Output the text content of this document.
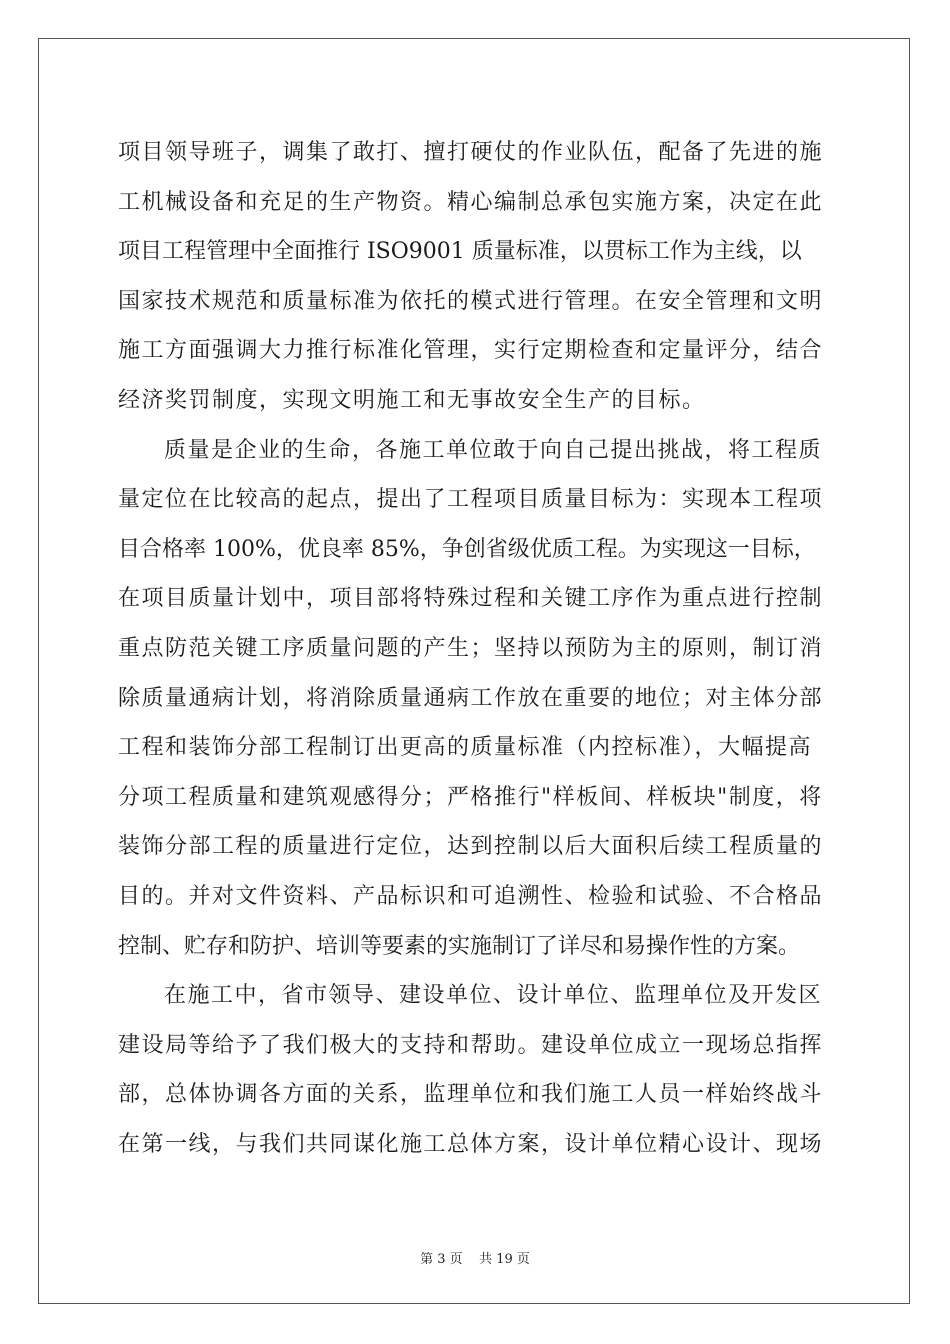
项目领导班子，调集了敢打、擅打硬仗的作业队伍，配备了先进的施
工机械设备和充足的生产物资。精心编制总承包实施方案，决定在此
项目工程管理中全面推行 ISO9001 质量标准，以贯标工作为主线，以
国家技术规范和质量标准为依托的模式进行管理。在安全管理和文明
施工方面强调大力推行标准化管理，实行定期检查和定量评分，结合
经济奖罚制度，实现文明施工和无事故安全生产的目标。
质量是企业的生命，各施工单位敢于向自己提出挑战，将工程质
量定位在比较高的起点，提出了工程项目质量目标为：实现本工程项
目合格率 100%，优良率 85%，争创省级优质工程。为实现这一目标，
在项目质量计划中，项目部将特殊过程和关键工序作为重点进行控制
重点防范关键工序质量问题的产生；坚持以预防为主的原则，制订消
除质量通病计划，将消除质量通病工作放在重要的地位；对主体分部
工程和装饰分部工程制订出更高的质量标准（内控标准），大幅提高
分项工程质量和建筑观感得分；严格推行"样板间、样板块"制度，将
装饰分部工程的质量进行定位，达到控制以后大面积后续工程质量的
目的。并对文件资料、产品标识和可追溯性、检验和试验、不合格品
控制、贮存和防护、培训等要素的实施制订了详尽和易操作性的方案。
在施工中，省市领导、建设单位、设计单位、监理单位及开发区
建设局等给予了我们极大的支持和帮助。建设单位成立一现场总指挥
部，总体协调各方面的关系，监理单位和我们施工人员一样始终战斗
在第一线，与我们共同谋化施工总体方案，设计单位精心设计、现场
第 3 页    共 19 页
